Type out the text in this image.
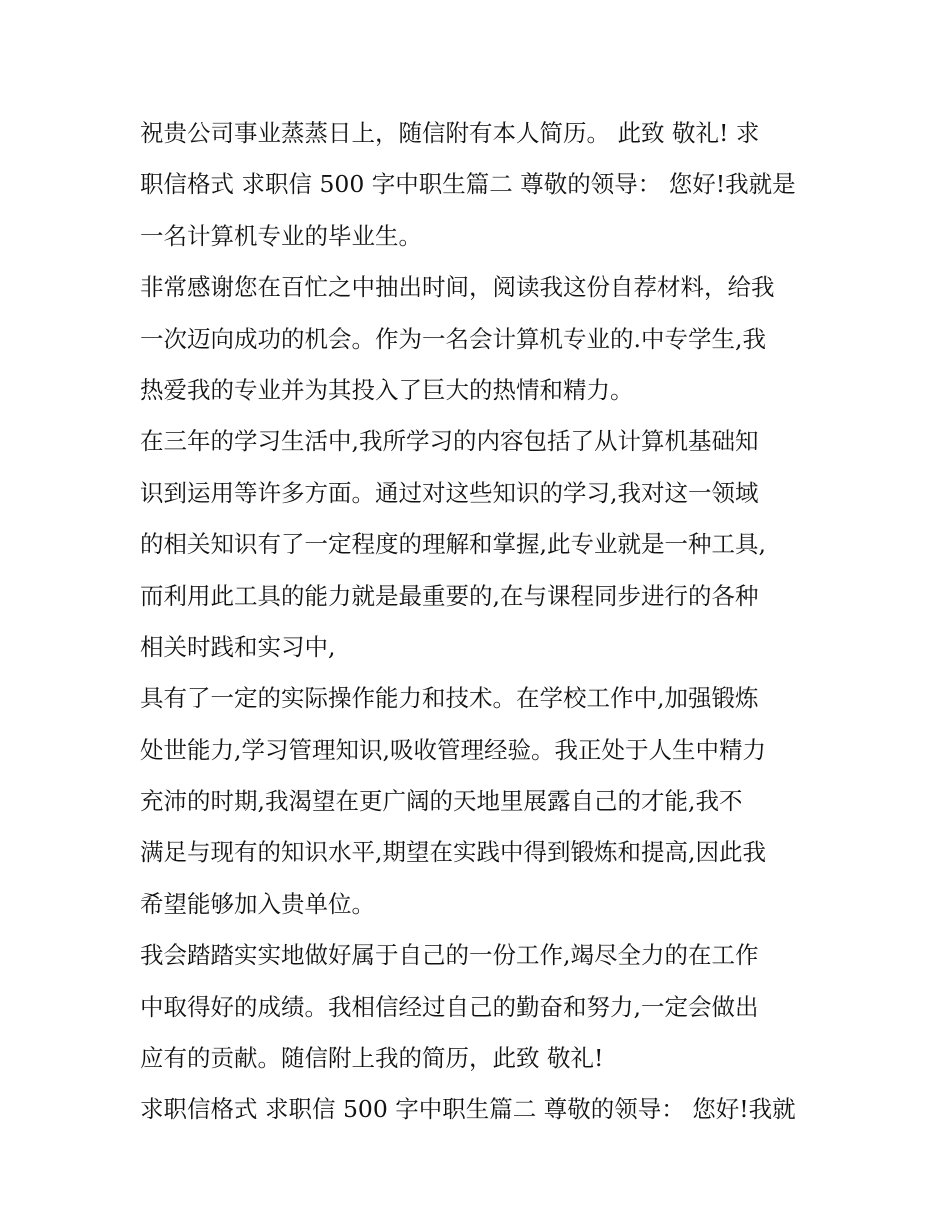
祝贵公司事业蒸蒸日上，随信附有本人简历。 此致 敬礼! 求
职信格式 求职信 500 字中职生篇二 尊敬的领导： 您好!我就是
一名计算机专业的毕业生。
非常感谢您在百忙之中抽出时间，阅读我这份自荐材料，给我
一次迈向成功的机会。作为一名会计算机专业的.中专学生,我
热爱我的专业并为其投入了巨大的热情和精力。
在三年的学习生活中,我所学习的内容包括了从计算机基础知
识到运用等许多方面。通过对这些知识的学习,我对这一领域
的相关知识有了一定程度的理解和掌握,此专业就是一种工具,
而利用此工具的能力就是最重要的,在与课程同步进行的各种
相关时践和实习中,
具有了一定的实际操作能力和技术。在学校工作中,加强锻炼
处世能力,学习管理知识,吸收管理经验。我正处于人生中精力
充沛的时期,我渴望在更广阔的天地里展露自己的才能,我不
满足与现有的知识水平,期望在实践中得到锻炼和提高,因此我
希望能够加入贵单位。
我会踏踏实实地做好属于自己的一份工作,竭尽全力的在工作
中取得好的成绩。我相信经过自己的勤奋和努力,一定会做出
应有的贡献。随信附上我的简历，此致 敬礼!
求职信格式 求职信 500 字中职生篇二 尊敬的领导： 您好!我就
